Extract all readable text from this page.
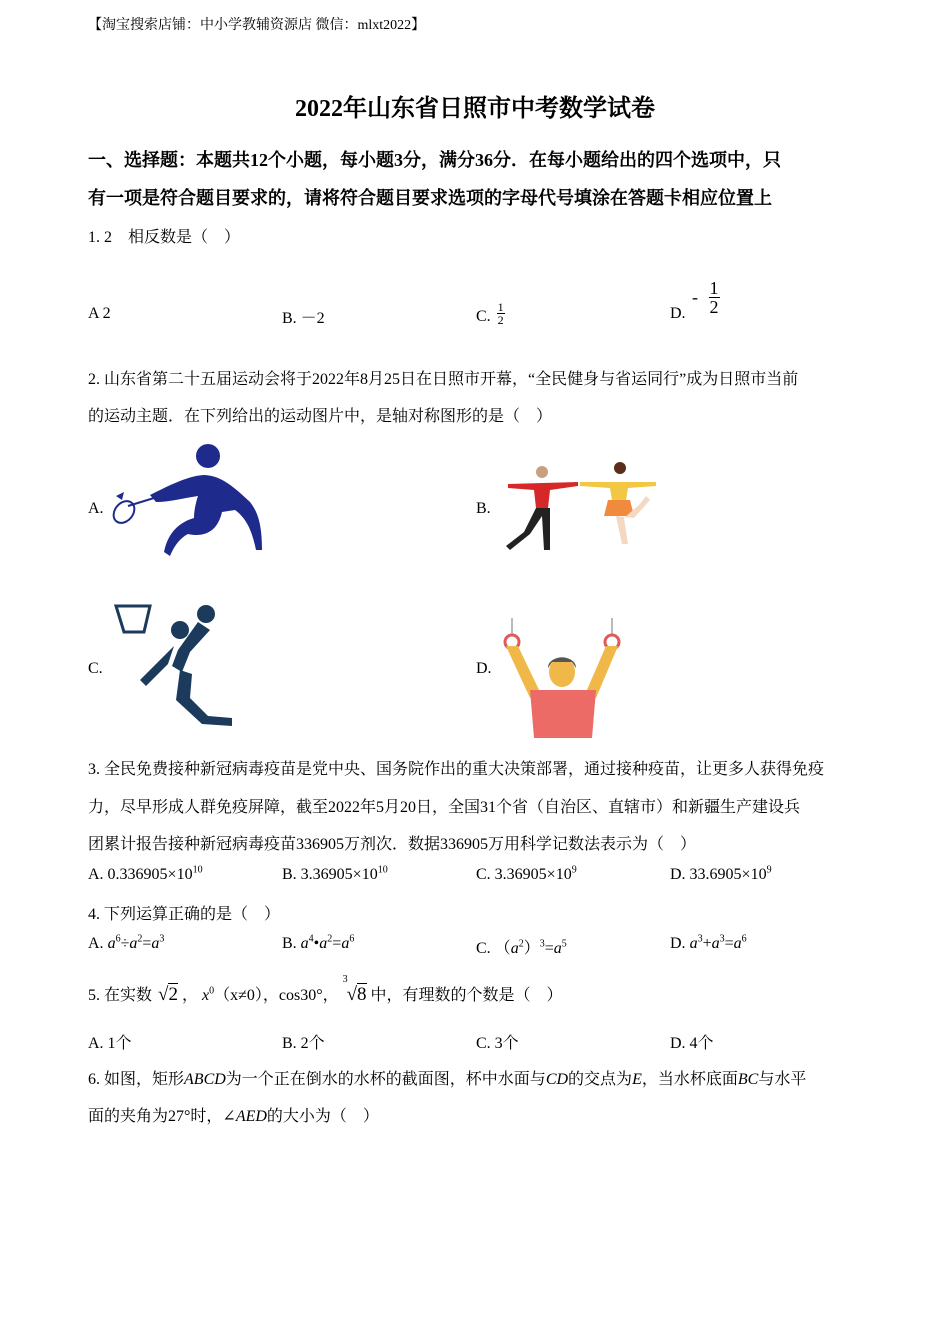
【淘宝搜索店铺：中小学教辅资源店 微信：mlxt2022】
2022年山东省日照市中考数学试卷
一、选择题：本题共12个小题，每小题3分，满分36分．在每小题给出的四个选项中，只
有一项是符合题目要求的，请将符合题目要求选项的字母代号填涂在答题卡相应位置上
1. 2　相反数是（　）
A 2	B. －2	C. $\frac{1}{2}$	D.
- $\frac{1}{2}$
2. 山东省第二十五届运动会将于2022年8月25日在日照市开幕，“全民健身与省运同行”成为日照市当前
的运动主题．在下列给出的运动图片中，是轴对称图形的是（　）
A.	B.
C.	D.
3. 全民免费接种新冠病毒疫苗是党中央、国务院作出的重大决策部署，通过接种疫苗，让更多人获得免疫
力，尽早形成人群免疫屏障，截至2022年5月20日，全国31个省（自治区、直辖市）和新疆生产建设兵
团累计报告接种新冠病毒疫苗336905万剂次．数据336905万用科学记数法表示为（　）
A. $0.336905\times 10^{10}$	B. $3.36905\times 10^{10}$	C. $3.36905\times 10^9$	D. $33.6905\times 10^9$
4. 下列运算正确的是（　）
A. $a^6\div a^2=a^3$	B. $a^4•a^2=a^6$
C. $(a^2)^3=a^5$	D. $a^3+a^3=a^6$
5. 在实数 √2 ， $x^0(x\ne 0)$，cos30°，
3
√8 中，有理数的个数是（　）
A. 1个	B. 2个	C. 3个	D. 4个
6. 如图，矩形ABCD为一个正在倒水的水杯的截面图，杯中水面与CD的交点为E，当水杯底面BC与水平
面的夹角为27°时，∠AED的大小为（　）
